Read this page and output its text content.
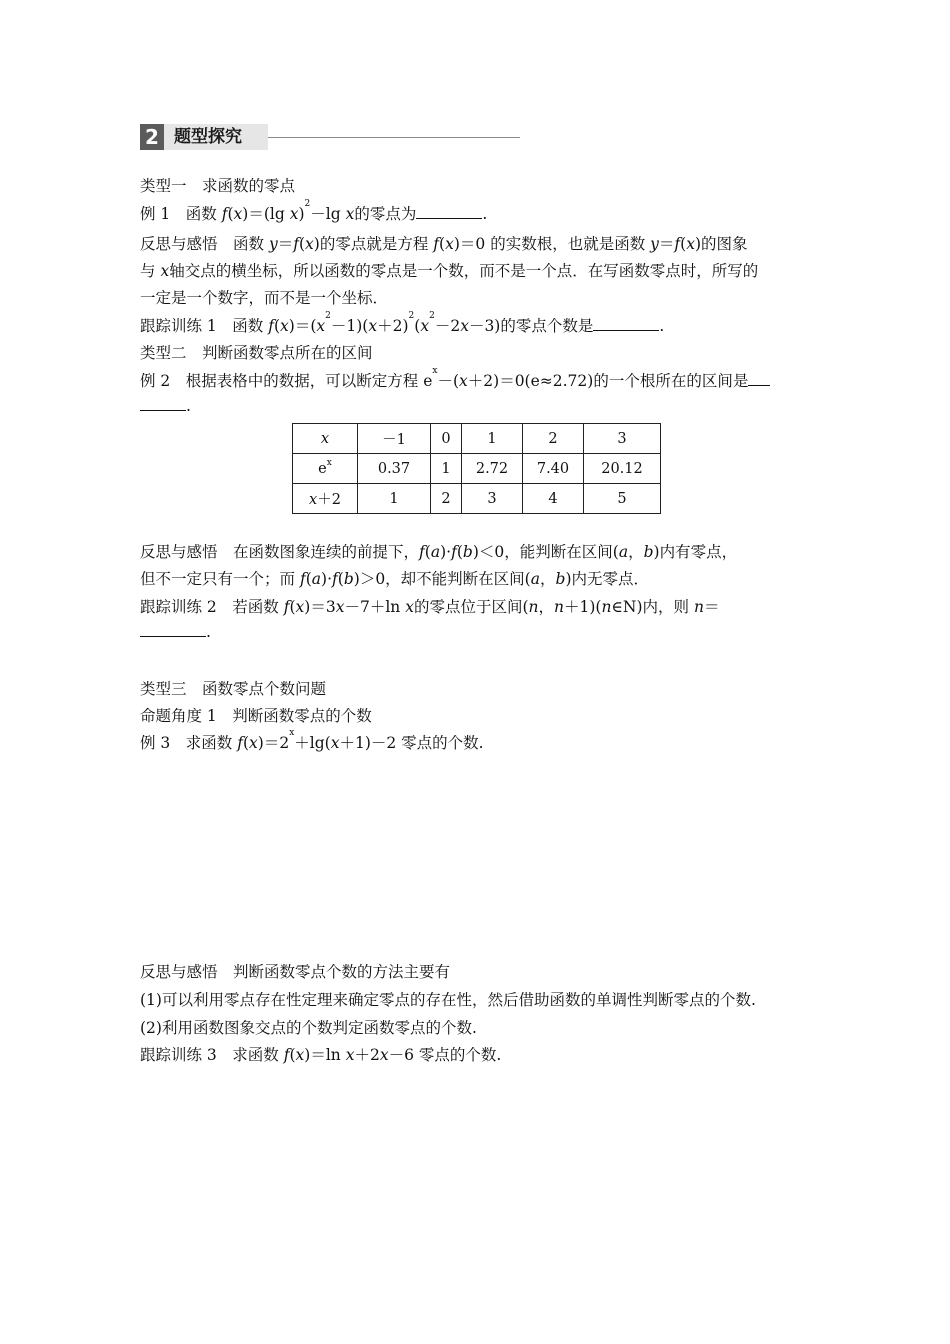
2 题型探究
类型一　求函数的零点
例 1　函数 f(x)＝(lg x)$^2$－lg x的零点为	.
反思与感悟　函数 y＝f(x)的零点就是方程 f(x)＝0 的实数根，也就是函数 y＝f(x)的图象
与 x轴交点的横坐标，所以函数的零点是一个数，而不是一个点．在写函数零点时，所写的
一定是一个数字，而不是一个坐标．
跟踪训练 1　函数 $f(x)=(x^2-1)(x+2)^2(x^2-2x-3)$的零点个数是	.
类型二　判断函数零点所在的区间
例 2　根据表格中的数据，可以断定方程 $e^x-(x+2)=0(e\approx 2.72)$的一个根所在的区间是
.
x	－1	0	1	2	3
$e^x$	0.37	1	2.72	7.40	20.12
x＋2	1	2	3	4	5
反思与感悟　在函数图象连续的前提下，f(a)·f(b)＜0，能判断在区间(a，b)内有零点，
但不一定只有一个；而 f(a)·f(b)＞0，却不能判断在区间(a，b)内无零点．
跟踪训练 2　若函数 f(x)＝3x－7＋ln x的零点位于区间(n，n＋1)(n∈N)内，则 n＝
.
类型三　函数零点个数问题
命题角度 1　判断函数零点的个数
例 3　求函数 $f(x)=2^x+\lg(x+1)-2$ 零点的个数.
反思与感悟　判断函数零点个数的方法主要有
(1)可以利用零点存在性定理来确定零点的存在性，然后借助函数的单调性判断零点的个数.
(2)利用函数图象交点的个数判定函数零点的个数.
跟踪训练 3　求函数 f(x)＝ln x＋2x－6 零点的个数.
